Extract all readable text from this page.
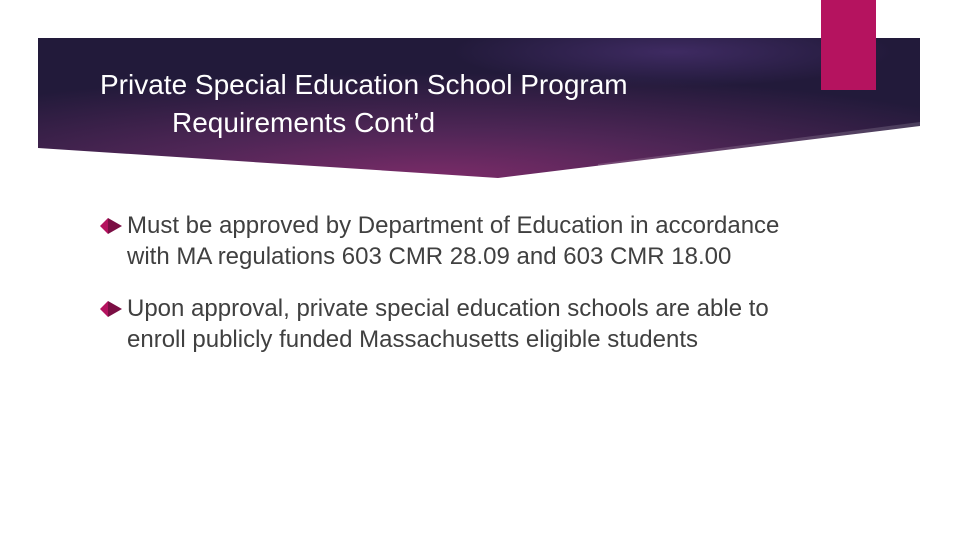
Private Special Education School Program
Requirements Cont’d
Must be approved by Department of Education in accordance with MA regulations 603 CMR 28.09 and 603 CMR 18.00
Upon approval, private special education schools are able to enroll publicly funded Massachusetts eligible students
